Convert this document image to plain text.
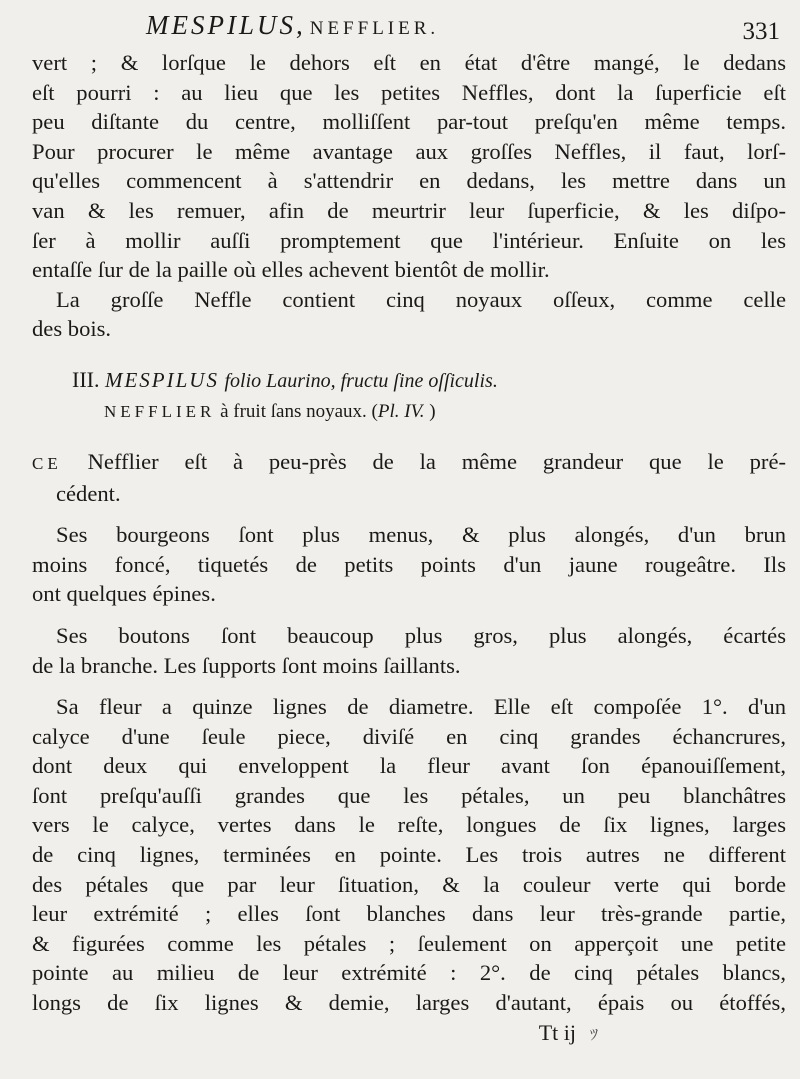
MESPILUS, NEFFLIER.	331
vert ; & lorſque le dehors eſt en état d'être mangé, le dedans
eſt pourri : au lieu que les petites Neffles, dont la ſuperficie eſt
peu diſtante du centre, molliſſent par-tout preſqu'en même temps.
Pour procurer le même avantage aux groſſes Neffles, il faut, lorſ-
qu'elles commencent à s'attendrir en dedans, les mettre dans un
van & les remuer, afin de meurtrir leur ſuperficie, & les diſpo-
ſer à mollir auſſi promptement que l'intérieur. Enſuite on les
entaſſe ſur de la paille où elles achevent bientôt de mollir.
La groſſe Neffle contient cinq noyaux oſſeux, comme celle
des bois.
III. MESPILUS folio Laurino, fructu ſine oſſiculis.
NEFFLIER à fruit ſans noyaux. (Pl. IV. )
CE Nefflier eſt à peu-près de la même grandeur que le pré-
cédent.
Ses bourgeons ſont plus menus, & plus alongés, d'un brun
moins foncé, tiquetés de petits points d'un jaune rougeâtre. Ils
ont quelques épines.
Ses boutons ſont beaucoup plus gros, plus alongés, écartés
de la branche. Les ſupports ſont moins ſaillants.
Sa fleur a quinze lignes de diametre. Elle eſt compoſée 1°. d'un
calyce d'une ſeule piece, diviſé en cinq grandes échancrures,
dont deux qui enveloppent la fleur avant ſon épanouiſſement,
ſont preſqu'auſſi grandes que les pétales, un peu blanchâtres
vers le calyce, vertes dans le reſte, longues de ſix lignes, larges
de cinq lignes, terminées en pointe. Les trois autres ne different
des pétales que par leur ſituation, & la couleur verte qui borde
leur extrémité ; elles ſont blanches dans leur très-grande partie,
& figurées comme les pétales ; ſeulement on apperçoit une petite
pointe au milieu de leur extrémité : 2°. de cinq pétales blancs,
longs de ſix lignes & demie, larges d'autant, épais ou étoffés,
Tt ij ﾂ
